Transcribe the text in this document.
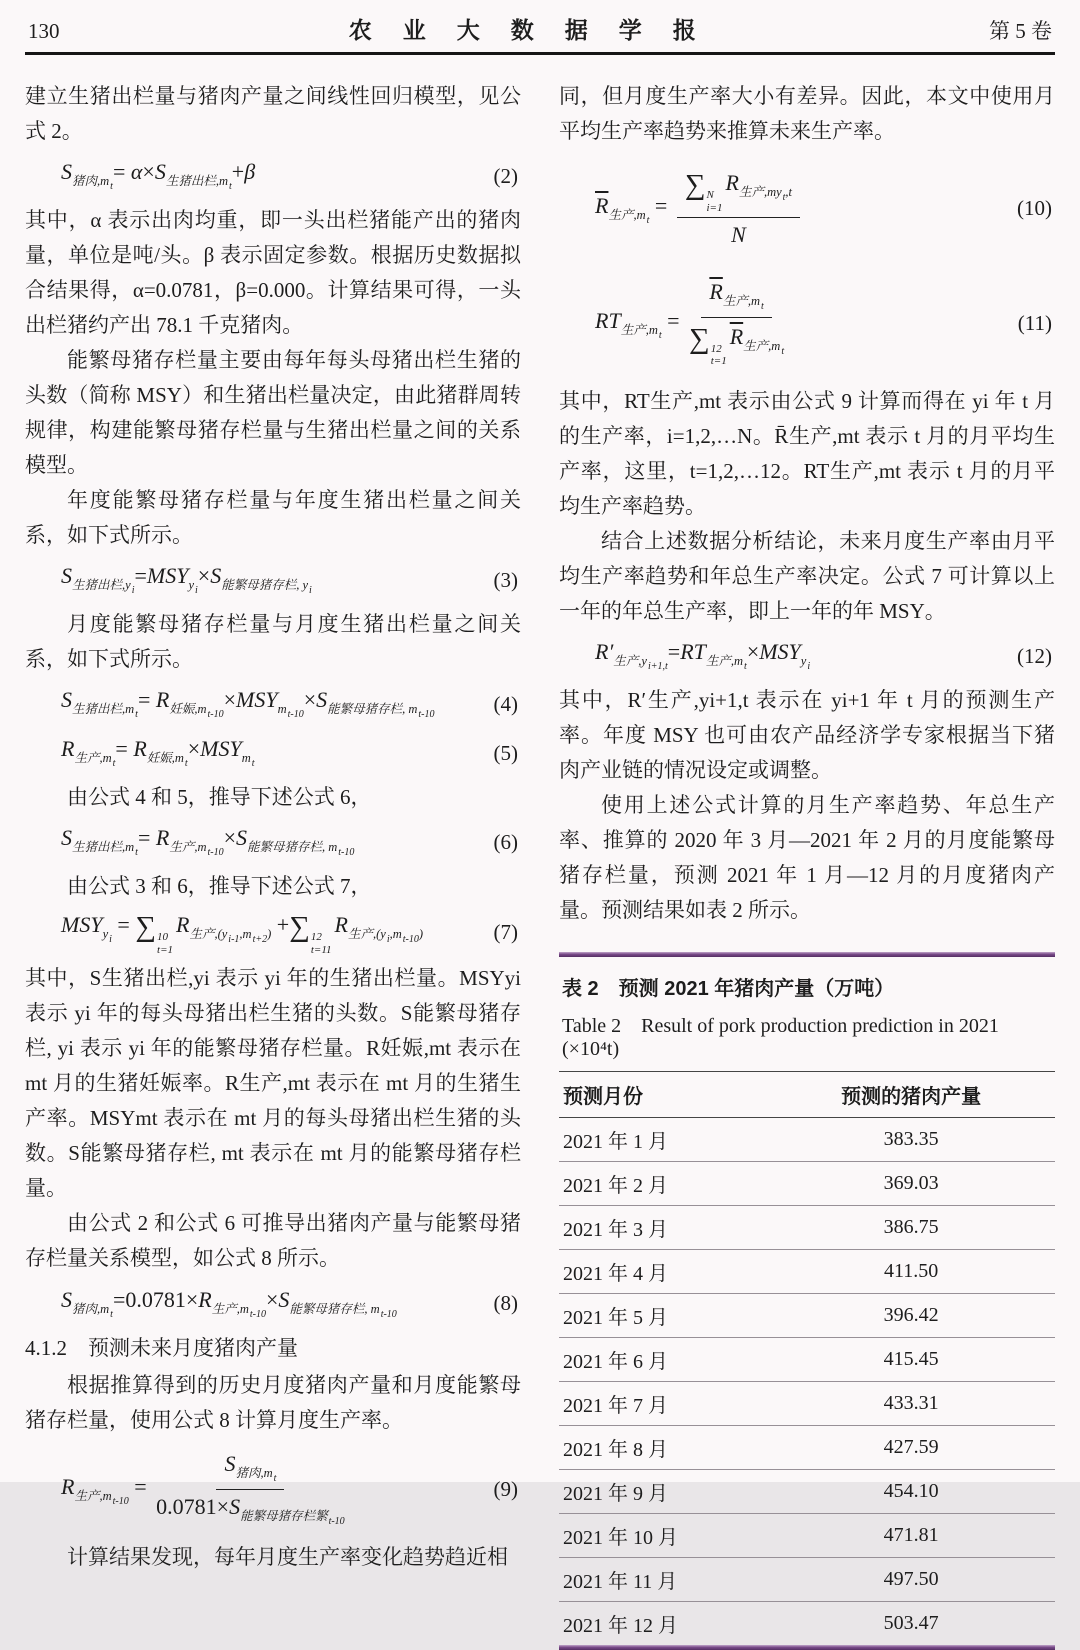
130	农　业　大　数　据　学　报	第 5 卷

建立生猪出栏量与猪肉产量之间线性回归模型，见公式 2。

$S_{猪肉,mt}= \alpha\times S_{生猪出栏,mt}+\beta$	(2)

其中，α 表示出肉均重，即一头出栏猪能产出的猪肉量，单位是吨/头。β 表示固定参数。根据历史数据拟合结果得，α=0.0781，β=0.000。计算结果可得，一头出栏猪约产出 78.1 千克猪肉。

能繁母猪存栏量主要由每年每头母猪出栏生猪的头数（简称 MSY）和生猪出栏量决定，由此猪群周转规律，构建能繁母猪存栏量与生猪出栏量之间的关系模型。

年度能繁母猪存栏量与年度生猪出栏量之间关系，如下式所示。

$S_{生猪出栏,yi}=MSY_{yi}\times S_{能繁母猪存栏, yi}$	(3)

月度能繁母猪存栏量与月度生猪出栏量之间关系，如下式所示。

$S_{生猪出栏,mt}= R_{妊娠,mt-10}\times MSY_{mt-10}\times S_{能繁母猪存栏, mt-10}$	(4)
$R_{生产,mt}= R_{妊娠,mt}\times MSY_{mt}$	(5)

由公式 4 和 5，推导下述公式 6，

$S_{生猪出栏,mt}= R_{生产,mt-10}\times S_{能繁母猪存栏, mt-10}$	(6)

由公式 3 和 6，推导下述公式 7，

$MSY_{yi}$ = ∑ 10
t=1
$R_{生产,(yi-1,mt+2)}$ +∑ 12
t=11
$R_{生产,(yi,mt-10)}$	(7)

其中，S生猪出栏,yi 表示 yi 年的生猪出栏量。MSYyi 表示 yi 年的每头母猪出栏生猪的头数。S能繁母猪存栏, yi 表示 yi 年的能繁母猪存栏量。R妊娠,mt 表示在 mt 月的生猪妊娠率。R生产,mt 表示在 mt 月的生猪生产率。MSYmt 表示在 mt 月的每头母猪出栏生猪的头数。S能繁母猪存栏, mt 表示在 mt 月的能繁母猪存栏量。

由公式 2 和公式 6 可推导出猪肉产量与能繁母猪存栏量关系模型，如公式 8 所示。

$S_{猪肉,mt}=0.0781\times R_{生产,mt-10}\times S_{能繁母猪存栏, mt-10}$	(8)
4.1.2　预测未来月度猪肉产量

根据推算得到的历史月度猪肉产量和月度能繁母猪存栏量，使用公式 8 计算月度生产率。

$R_{生产,mt-10} = \frac{S_{猪肉,mt}}{0.0781\times S_{能繁母猪存栏繁t-10}}$	(9)

计算结果发现，每年月度生产率变化趋势趋近相

同，但月度生产率大小有差异。因此，本文中使用月平均生产率趋势来推算未来生产率。

$\overline{R}_{生产,mt}$ = ∑ N
i=1
$R_{生产,myt,t}$
N	(10)
$RT_{生产,mt} = \overline{R}_{生产,mt}$
∑ 12
t=1
$\overline{R}_{生产,mt}$	(11)

其中，RT生产,mt 表示由公式 9 计算而得在 yi 年 t 月的生产率，i=1,2,…N。R̄生产,mt 表示 t 月的月平均生产率，这里，t=1,2,…12。RT生产,mt 表示 t 月的月平均生产率趋势。

结合上述数据分析结论，未来月度生产率由月平均生产率趋势和年总生产率决定。公式 7 可计算以上一年的年总生产率，即上一年的年 MSY。

$R'_{生产,yi+1,t}=RT_{生产,mt}\times MSY_{yi}$	(12)

其中，R′生产,yi+1,t 表示在 yi+1 年 t 月的预测生产率。年度 MSY 也可由农产品经济学专家根据当下猪肉产业链的情况设定或调整。

使用上述公式计算的月生产率趋势、年总生产率、推算的 2020 年 3 月—2021 年 2 月的月度能繁母猪存栏量，预测 2021 年 1 月—12 月的月度猪肉产量。预测结果如表 2 所示。

表 2　预测 2021 年猪肉产量（万吨）
Table 2　Result of pork production prediction in 2021 (×10⁴t)
预测月份	预测的猪肉产量
2021 年 1 月	383.35
2021 年 2 月	369.03
2021 年 3 月	386.75
2021 年 4 月	411.50
2021 年 5 月	396.42
2021 年 6 月	415.45
2021 年 7 月	433.31
2021 年 8 月	427.59
2021 年 9 月	454.10
2021 年 10 月	471.81
2021 年 11 月	497.50
2021 年 12 月	503.47
